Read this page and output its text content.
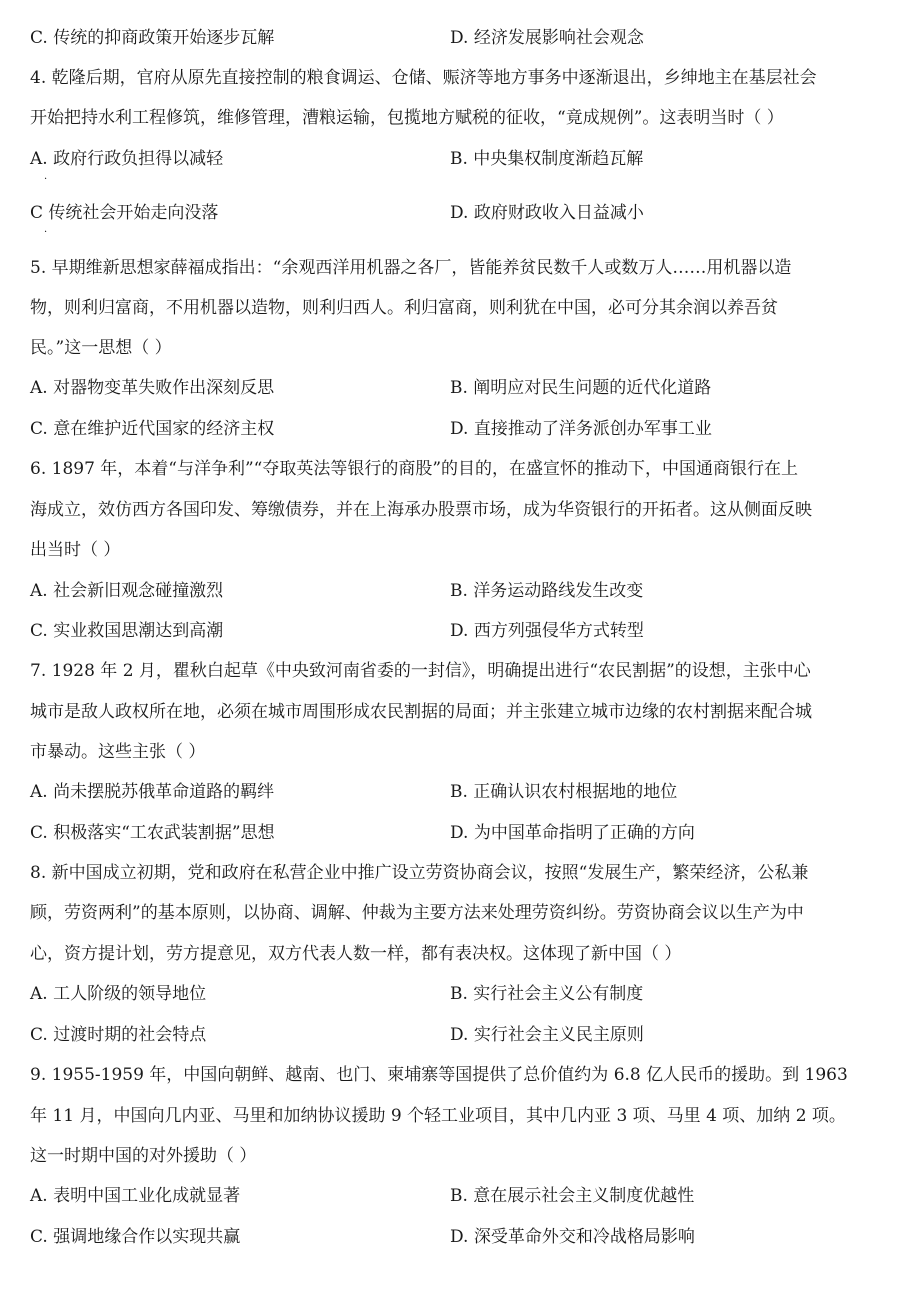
C. 传统的抑商政策开始逐步瓦解	D. 经济发展影响社会观念
4. 乾隆后期，官府从原先直接控制的粮食调运、仓储、赈济等地方事务中逐渐退出，乡绅地主在基层社会
开始把持水利工程修筑，维修管理，漕粮运输，包揽地方赋税的征收，“竟成规例”。这表明当时（ ）
A. 政府行政负担得以减轻	B. 中央集权制度渐趋瓦解
·
C 传统社会开始走向没落	D. 政府财政收入日益减小
·
5. 早期维新思想家薛福成指出：“余观西洋用机器之各厂，皆能养贫民数千人或数万人……用机器以造
物，则利归富商，不用机器以造物，则利归西人。利归富商，则利犹在中国，必可分其余润以养吾贫
民。”这一思想（ ）
A. 对器物变革失败作出深刻反思	B. 阐明应对民生问题的近代化道路
C. 意在维护近代国家的经济主权	D. 直接推动了洋务派创办军事工业
6. 1897 年，本着“与洋争利”“夺取英法等银行的商股”的目的，在盛宣怀的推动下，中国通商银行在上
海成立，效仿西方各国印发、筹缴债券，并在上海承办股票市场，成为华资银行的开拓者。这从侧面反映
出当时（ ）
A. 社会新旧观念碰撞激烈	B. 洋务运动路线发生改变
C. 实业救国思潮达到高潮	D. 西方列强侵华方式转型
7. 1928 年 2 月，瞿秋白起草《中央致河南省委的一封信》，明确提出进行“农民割据”的设想，主张中心
城市是敌人政权所在地，必须在城市周围形成农民割据的局面；并主张建立城市边缘的农村割据来配合城
市暴动。这些主张（ ）
A. 尚未摆脱苏俄革命道路的羁绊	B. 正确认识农村根据地的地位
C. 积极落实“工农武装割据”思想	D. 为中国革命指明了正确的方向
8. 新中国成立初期，党和政府在私营企业中推广设立劳资协商会议，按照“发展生产，繁荣经济，公私兼
顾，劳资两利”的基本原则，以协商、调解、仲裁为主要方法来处理劳资纠纷。劳资协商会议以生产为中
心，资方提计划，劳方提意见，双方代表人数一样，都有表决权。这体现了新中国（ ）
A. 工人阶级的领导地位	B. 实行社会主义公有制度
C. 过渡时期的社会特点	D. 实行社会主义民主原则
9. 1955-1959 年，中国向朝鲜、越南、也门、柬埔寨等国提供了总价值约为 6.8 亿人民币的援助。到 1963
年 11 月，中国向几内亚、马里和加纳协议援助 9 个轻工业项目，其中几内亚 3 项、马里 4 项、加纳 2 项。
这一时期中国的对外援助（ ）
A. 表明中国工业化成就显著	B. 意在展示社会主义制度优越性
C. 强调地缘合作以实现共赢	D. 深受革命外交和冷战格局影响
